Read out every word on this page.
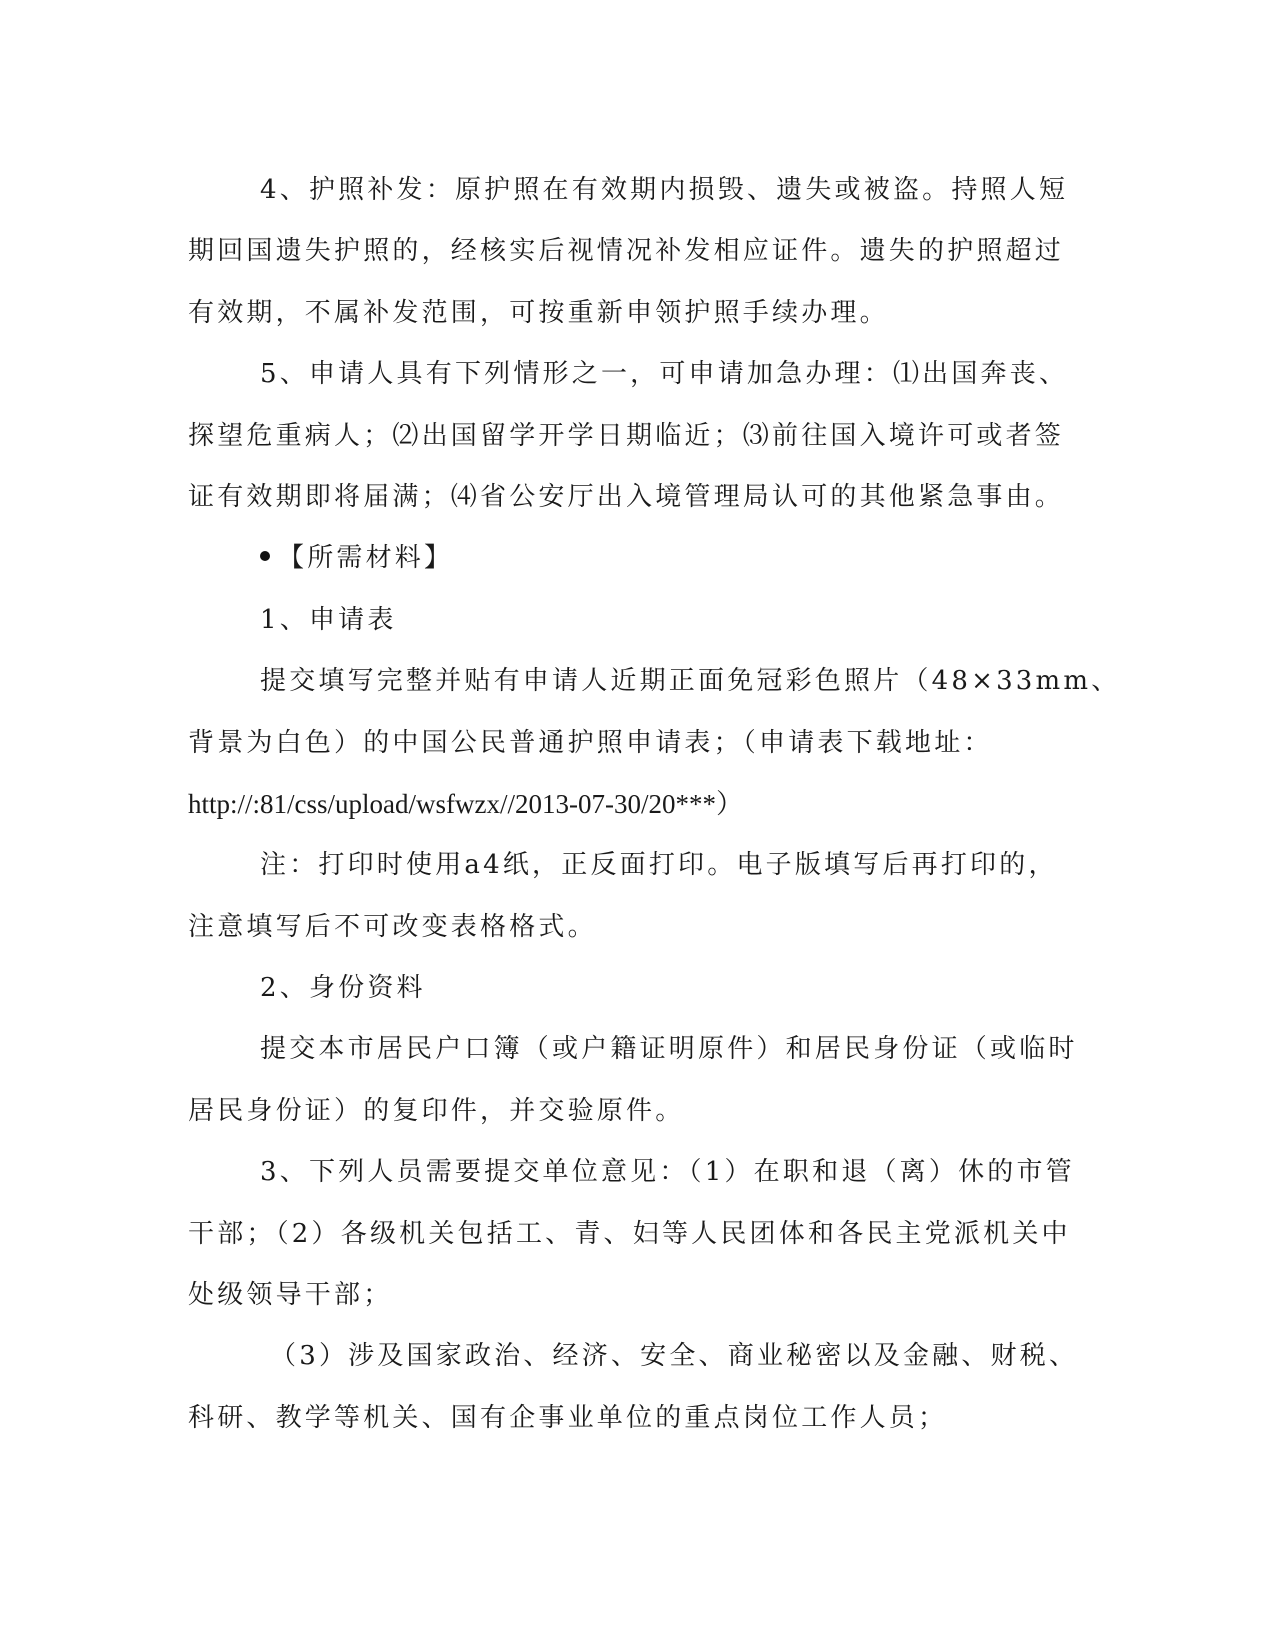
4、护照补发：原护照在有效期内损毁、遗失或被盗。持照人短
期回国遗失护照的，经核实后视情况补发相应证件。遗失的护照超过
有效期，不属补发范围，可按重新申领护照手续办理。
5、申请人具有下列情形之一，可申请加急办理：⑴出国奔丧、
探望危重病人；⑵出国留学开学日期临近；⑶前往国入境许可或者签
证有效期即将届满；⑷省公安厅出入境管理局认可的其他紧急事由。
【所需材料】
1、申请表
提交填写完整并贴有申请人近期正面免冠彩色照片（48×33mm、
背景为白色）的中国公民普通护照申请表；（申请表下载地址：
http://:81/css/upload/wsfwzx//2013-07-30/20***）
注：打印时使用a4纸，正反面打印。电子版填写后再打印的，
注意填写后不可改变表格格式。
2、身份资料
提交本市居民户口簿（或户籍证明原件）和居民身份证（或临时
居民身份证）的复印件，并交验原件。
3、下列人员需要提交单位意见：（1）在职和退（离）休的市管
干部；（2）各级机关包括工、青、妇等人民团体和各民主党派机关中
处级领导干部；
（3）涉及国家政治、经济、安全、商业秘密以及金融、财税、
科研、教学等机关、国有企事业单位的重点岗位工作人员；
